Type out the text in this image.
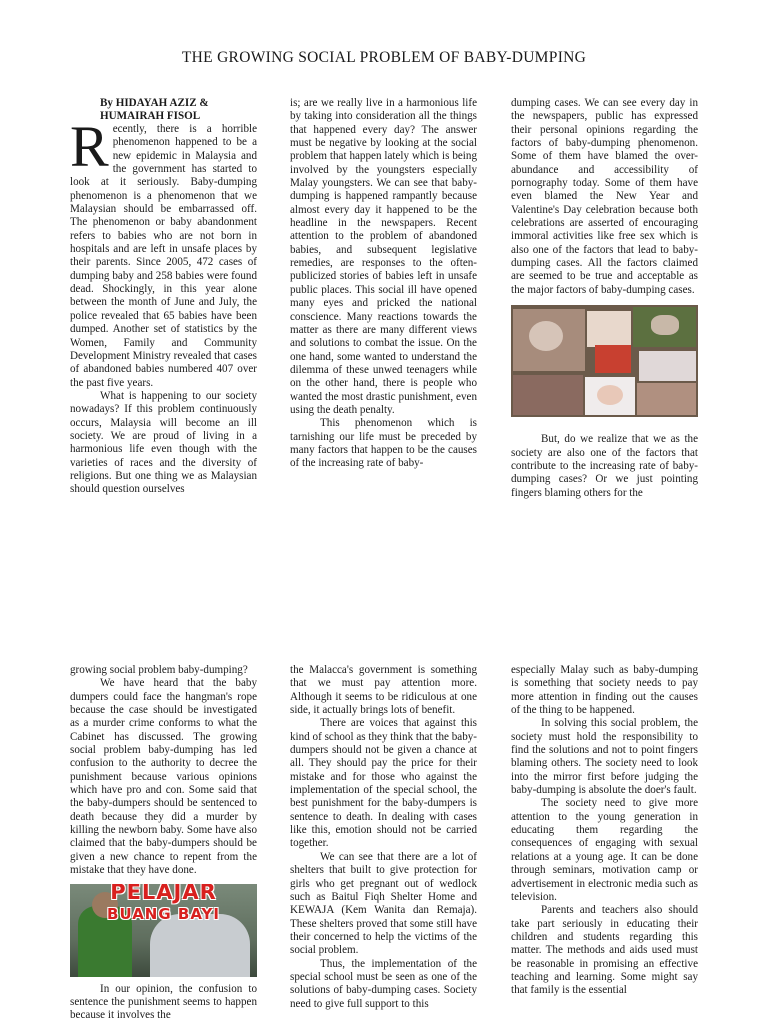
THE GROWING SOCIAL PROBLEM OF BABY-DUMPING

By HIDAYAH AZIZ &
HUMAIRAH FISOL

Recently, there is a horrible phenomenon happened to be a new epidemic in Malaysia and the government has started to look at it seriously. Baby-dumping phenomenon is a phenomenon that we Malaysian should be embarrassed off. The phenomenon or baby abandonment refers to babies who are not born in hospitals and are left in unsafe places by their parents. Since 2005, 472 cases of dumping baby and 258 babies were found dead. Shockingly, in this year alone between the month of June and July, the police revealed that 65 babies have been dumped. Another set of statistics by the Women, Family and Community Development Ministry revealed that cases of abandoned babies numbered 407 over the past five years.

What is happening to our society nowadays? If this problem continuously occurs, Malaysia will become an ill society. We are proud of living in a harmonious life even though with the varieties of races and the diversity of religions. But one thing we as Malaysian should question ourselves

is; are we really live in a harmonious life by taking into consideration all the things that happened every day? The answer must be negative by looking at the social problem that happen lately which is being involved by the youngsters especially Malay youngsters. We can see that baby-dumping is happened rampantly because almost every day it happened to be the headline in the newspapers. Recent attention to the problem of abandoned babies, and subsequent legislative remedies, are responses to the often-publicized stories of babies left in unsafe public places. This social ill have opened many eyes and pricked the national conscience. Many reactions towards the matter as there are many different views and solutions to combat the issue. On the one hand, some wanted to understand the dilemma of these unwed teenagers while on the other hand, there is people who wanted the most drastic punishment, even using the death penalty.

This phenomenon which is tarnishing our life must be preceded by many factors that happen to be the causes of the increasing rate of baby-

dumping cases. We can see every day in the newspapers, public has expressed their personal opinions regarding the factors of baby-dumping phenomenon. Some of them have blamed the over-abundance and accessibility of pornography today. Some of them have even blamed the New Year and Valentine's Day celebration because both celebrations are asserted of encouraging immoral activities like free sex which is also one of the factors that lead to baby-dumping cases. All the factors claimed are seemed to be true and acceptable as the major factors of baby-dumping cases.

But, do we realize that we as the society are also one of the factors that contribute to the increasing rate of baby-dumping cases? Or we just pointing fingers blaming others for the

growing social problem baby-dumping?

We have heard that the baby dumpers could face the hangman's rope because the case should be investigated as a murder crime conforms to what the Cabinet has discussed. The growing social problem baby-dumping has led confusion to the authority to decree the punishment because various opinions which have pro and con. Some said that the baby-dumpers should be sentenced to death because they did a murder by killing the newborn baby. Some have also claimed that the baby-dumpers should be given a new chance to repent from the mistake that they have done.

PELAJAR
BUANG BAYI

In our opinion, the confusion to sentence the punishment seems to happen because it involves the

the Malacca's government is something that we must pay attention more. Although it seems to be ridiculous at one side, it actually brings lots of benefit.

There are voices that against this kind of school as they think that the baby-dumpers should not be given a chance at all. They should pay the price for their mistake and for those who against the implementation of the special school, the best punishment for the baby-dumpers is sentence to death. In dealing with cases like this, emotion should not be carried together.

We can see that there are a lot of shelters that built to give protection for girls who get pregnant out of wedlock such as Baitul Fiqh Shelter Home and KEWAJA (Kem Wanita dan Remaja). These shelters proved that some still have their concerned to help the victims of the social problem.

Thus, the implementation of the special school must be seen as one of the solutions of baby-dumping cases. Society need to give full support to this

especially Malay such as baby-dumping is something that society needs to pay more attention in finding out the causes of the thing to be happened.

In solving this social problem, the society must hold the responsibility to find the solutions and not to point fingers blaming others. The society need to look into the mirror first before judging the baby-dumping is absolute the doer's fault.

The society need to give more attention to the young generation in educating them regarding the consequences of engaging with sexual relations at a young age. It can be done through seminars, motivation camp or advertisement in electronic media such as television.

Parents and teachers also should take part seriously in educating their children and students regarding this matter. The methods and aids used must be reasonable in promising an effective teaching and learning. Some might say that family is the essential
